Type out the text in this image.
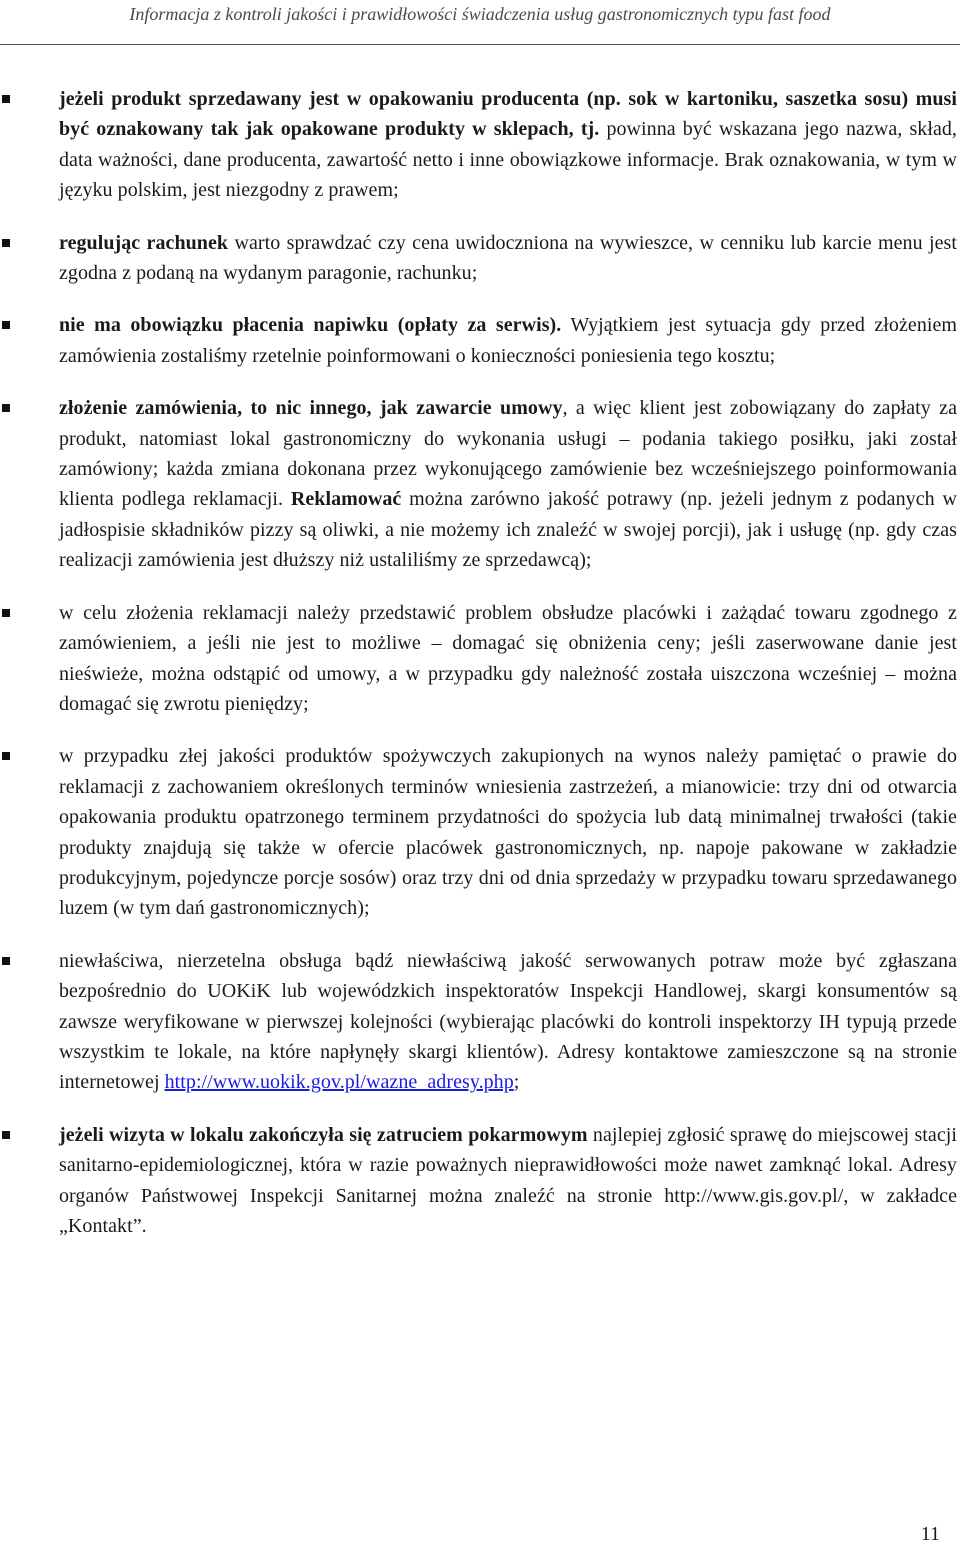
Informacja z kontroli jakości i prawidłowości świadczenia usług gastronomicznych typu fast food
jeżeli produkt sprzedawany jest w opakowaniu producenta (np. sok w kartoniku, saszetka sosu) musi być oznakowany tak jak opakowane produkty w sklepach, tj. powinna być wskazana jego nazwa, skład, data ważności, dane producenta, zawartość netto i inne obowiązkowe informacje. Brak oznakowania, w tym w języku polskim, jest niezgodny z prawem;
regulując rachunek warto sprawdzać czy cena uwidoczniona na wywieszce, w cenniku lub karcie menu jest zgodna z podaną na wydanym paragonie, rachunku;
nie ma obowiązku płacenia napiwku (opłaty za serwis). Wyjątkiem jest sytuacja gdy przed złożeniem zamówienia zostaliśmy rzetelnie poinformowani o konieczności poniesienia tego kosztu;
złożenie zamówienia, to nic innego, jak zawarcie umowy, a więc klient jest zobowiązany do zapłaty za produkt, natomiast lokal gastronomiczny do wykonania usługi – podania takiego posiłku, jaki został zamówiony; każda zmiana dokonana przez wykonującego zamówienie bez wcześniejszego poinformowania klienta podlega reklamacji. Reklamować można zarówno jakość potrawy (np. jeżeli jednym z podanych w jadłospisie składników pizzy są oliwki, a nie możemy ich znaleźć w swojej porcji), jak i usługę (np. gdy czas realizacji zamówienia jest dłuższy niż ustaliliśmy ze sprzedawcą);
w celu złożenia reklamacji należy przedstawić problem obsłudze placówki i zażądać towaru zgodnego z zamówieniem, a jeśli nie jest to możliwe – domagać się obniżenia ceny; jeśli zaserwowane danie jest nieświeże, można odstąpić od umowy, a w przypadku gdy należność została uiszczona wcześniej – można domagać się zwrotu pieniędzy;
w przypadku złej jakości produktów spożywczych zakupionych na wynos należy pamiętać o prawie do reklamacji z zachowaniem określonych terminów wniesienia zastrzeżeń, a mianowicie: trzy dni od otwarcia opakowania produktu opatrzonego terminem przydatności do spożycia lub datą minimalnej trwałości (takie produkty znajdują się także w ofercie placówek gastronomicznych, np. napoje pakowane w zakładzie produkcyjnym, pojedyncze porcje sosów) oraz trzy dni od dnia sprzedaży w przypadku towaru sprzedawanego luzem (w tym dań gastronomicznych);
niewłaściwa, nierzetelna obsługa bądź niewłaściwą jakość serwowanych potraw może być zgłaszana bezpośrednio do UOKiK lub wojewódzkich inspektoratów Inspekcji Handlowej, skargi konsumentów są zawsze weryfikowane w pierwszej kolejności (wybierając placówki do kontroli inspektorzy IH typują przede wszystkim te lokale, na które napłynęły skargi klientów). Adresy kontaktowe zamieszczone są na stronie internetowej http://www.uokik.gov.pl/wazne_adresy.php;
jeżeli wizyta w lokalu zakończyła się zatruciem pokarmowym najlepiej zgłosić sprawę do miejscowej stacji sanitarno-epidemiologicznej, która w razie poważnych nieprawidłowości może nawet zamknąć lokal. Adresy organów Państwowej Inspekcji Sanitarnej można znaleźć na stronie http://www.gis.gov.pl/, w zakładce „Kontakt”.
11
